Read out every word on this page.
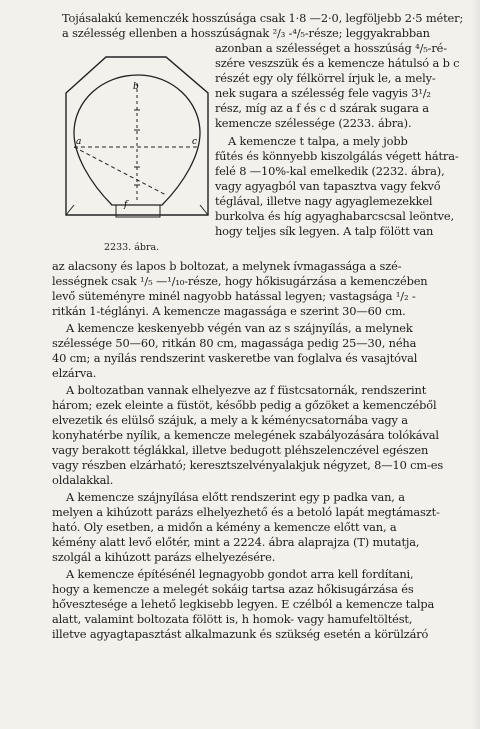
Tojásalakú kemenczék hosszúsága csak 1·8 —2·0, legföljebb 2·5 méter;
a szélesség ellenben a hosszúságnak ²/₃ -⁴/₅-része; leggyakrabban
azonban a szélességet a hosszúság ⁴/₅-ré-
szére veszszük és a kemencze hátulsó a b c
részét egy oly félkörrel írjuk le, a mely-
nek sugara a szélesség fele vagyis 3¹/₂
rész, míg az a f és c d szárak sugara a
kemencze szélessége (2233. ábra).
A kemencze t talpa, a mely jobb
fűtés és könnyebb kiszolgálás végett hátra-
felé 8 —10%-kal emelkedik (2232. ábra),
vagy agyagból van tapasztva vagy fekvő
téglával, illetve nagy agyaglemezekkel
burkolva és híg agyaghabarcscsal leöntve,
hogy teljes sík legyen. A talp fölött van
az alacsony és lapos b boltozat, a melynek ívmagassága a szé-
lességnek csak ¹/₅ —¹/₁₀-része, hogy hőkisugárzása a kemenczében
levő süteményre minél nagyobb hatással legyen; vastagsága ¹/₂ -
ritkán 1-téglányi. A kemencze magassága e szerint 30—60 cm.
A kemencze keskenyebb végén van az s szájnyílás, a melynek
szélessége 50—60, ritkán 80 cm, magassága pedig 25—30, néha
40 cm; a nyílás rendszerint vaskeretbe van foglalva és vasajtóval
elzárva.
A boltozatban vannak elhelyezve az f füstcsatornák, rendszerint
három; ezek eleinte a füstöt, később pedig a gőzöket a kemenczéből
elvezetik és elülső szájuk, a mely a k kéménycsatornába vagy a
konyhatérbe nyílik, a kemencze melegének szabályozására tolókával
vagy berakott téglákkal, illetve bedugott pléhszelenczével egészen
vagy részben elzárható; keresztszelvényalakjuk négyzet, 8—10 cm-es
oldalakkal.
A kemencze szájnyílása előtt rendszerint egy p padka van, a
melyen a kihúzott parázs elhelyezhető és a betoló lapát megtámaszt-
ható. Oly esetben, a midőn a kémény a kemencze előtt van, a
kémény alatt levő előtér, mint a 2224. ábra alaprajza (T) mutatja,
szolgál a kihúzott parázs elhelyezésére.
A kemencze építésénél legnagyobb gondot arra kell fordítani,
hogy a kemencze a melegét sokáig tartsa azaz hőkisugárzása és
hővesztesége a lehető legkisebb legyen. E czélból a kemencze talpa
alatt, valamint boltozata fölött is, h homok- vagy hamufeltöltést,
illetve agyagtapasztást alkalmazunk és szükség esetén a körülzáró
b
a	c
f
2233. ábra.
